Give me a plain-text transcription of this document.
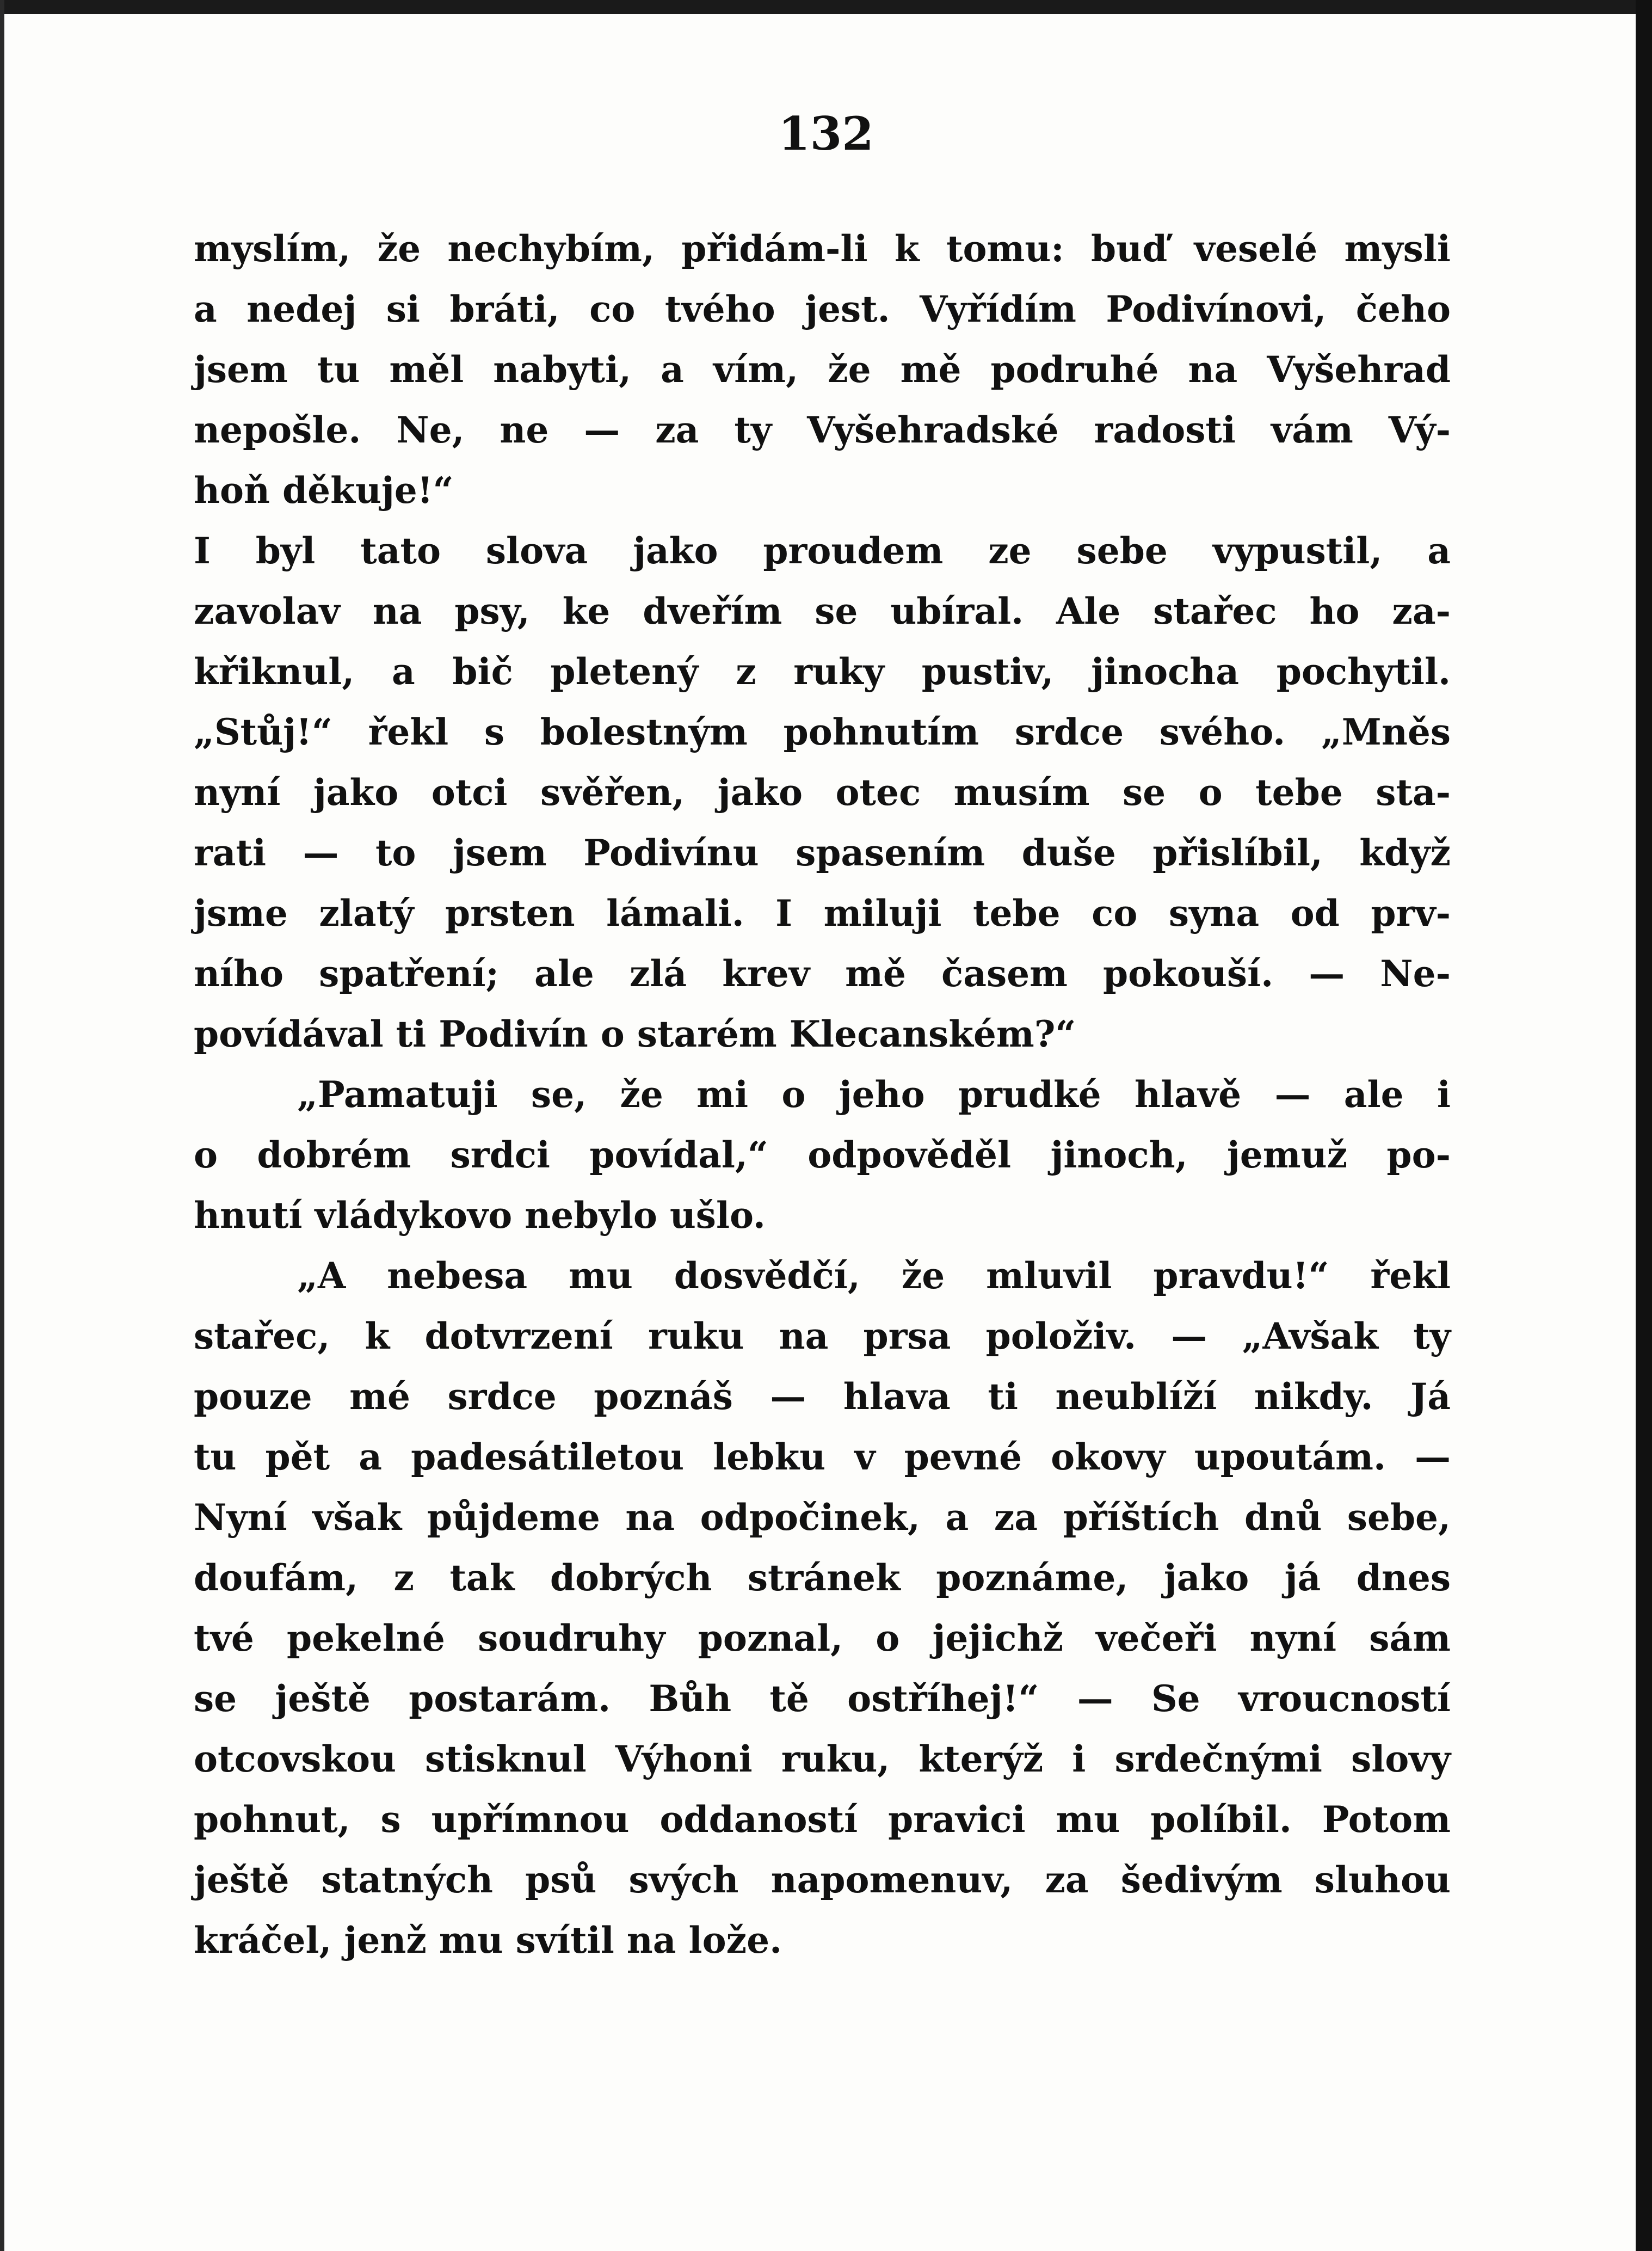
132
myslím, že nechybím, přidám-li k tomu: buď veselé mysli
a nedej si bráti, co tvého jest. Vyřídím Podivínovi, čeho
jsem tu měl nabyti, a vím, že mě podruhé na Vyšehrad
nepošle. Ne, ne — za ty Vyšehradské radosti vám Vý-
hoň děkuje!“
I byl tato slova jako proudem ze sebe vypustil, a
zavolav na psy, ke dveřím se ubíral. Ale stařec ho za-
křiknul, a bič pletený z ruky pustiv, jinocha pochytil.
„Stůj!“ řekl s bolestným pohnutím srdce svého. „Mněs
nyní jako otci svěřen, jako otec musím se o tebe sta-
rati — to jsem Podivínu spasením duše přislíbil, když
jsme zlatý prsten lámali. I miluji tebe co syna od prv-
ního spatření; ale zlá krev mě časem pokouší. — Ne-
povídával ti Podivín o starém Klecanském?“
„Pamatuji se, že mi o jeho prudké hlavě — ale i
o dobrém srdci povídal,“ odpověděl jinoch, jemuž po-
hnutí vládykovo nebylo ušlo.
„A nebesa mu dosvědčí, že mluvil pravdu!“ řekl
stařec, k dotvrzení ruku na prsa položiv. — „Avšak ty
pouze mé srdce poznáš — hlava ti neublíží nikdy. Já
tu pět a padesátiletou lebku v pevné okovy upoutám. —
Nyní však půjdeme na odpočinek, a za příštích dnů sebe,
doufám, z tak dobrých stránek poznáme, jako já dnes
tvé pekelné soudruhy poznal, o jejichž večeři nyní sám
se ještě postarám. Bůh tě ostříhej!“ — Se vroucností
otcovskou stisknul Výhoni ruku, kterýž i srdečnými slovy
pohnut, s upřímnou oddaností pravici mu políbil. Potom
ještě statných psů svých napomenuv, za šedivým sluhou
kráčel, jenž mu svítil na lože.
